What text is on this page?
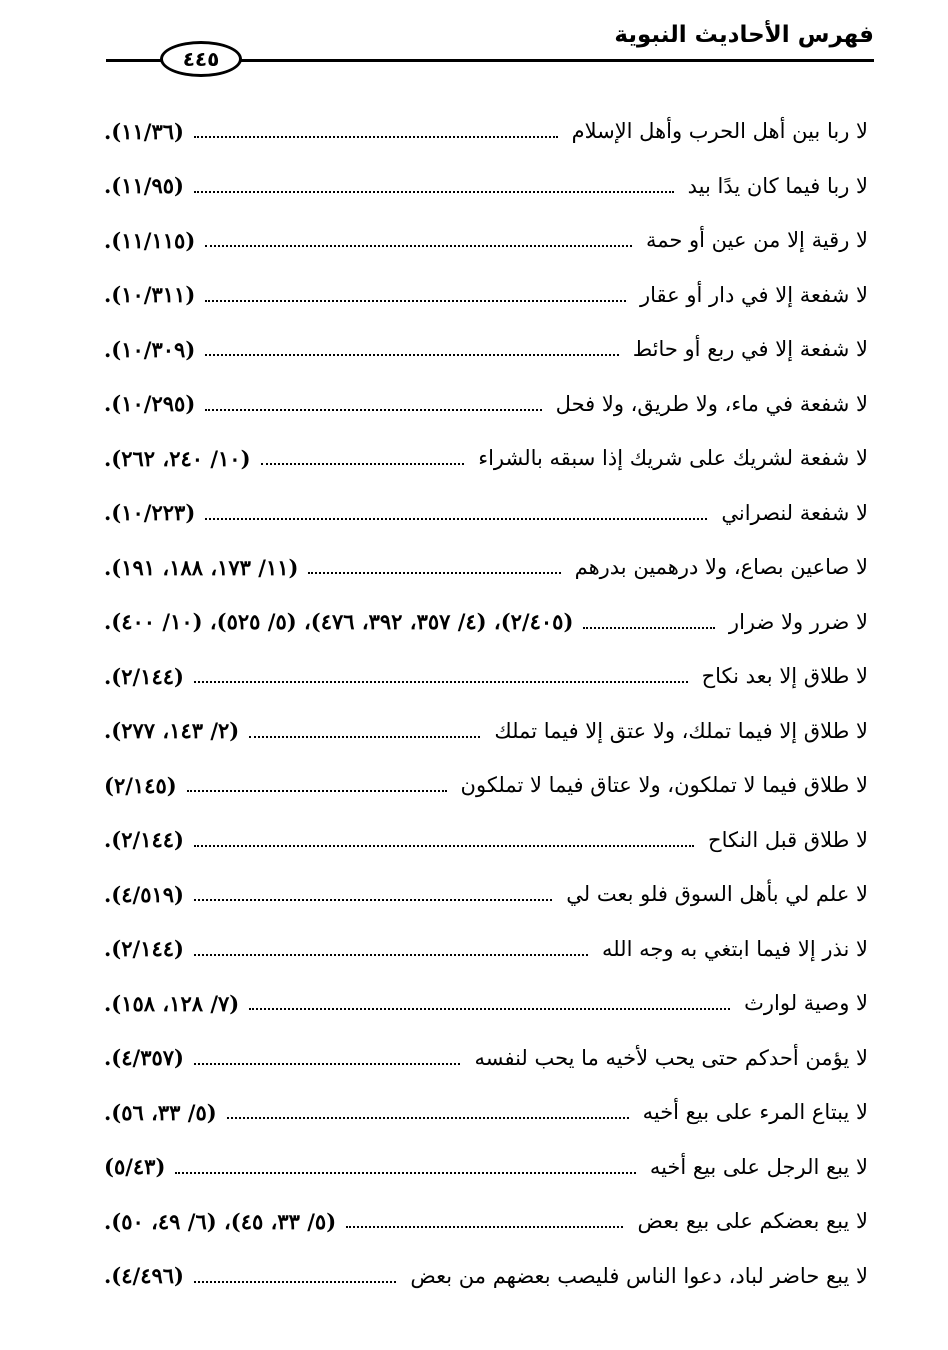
فهرس الأحاديث النبوية
٤٤٥
لا ربا بين أهل الحرب وأهل الإسلام
(١١/٣٦).
لا ربا فيما كان يدًا بيد
(١١/٩٥).
لا رقية إلا من عين أو حمة
(١١/١١٥).
لا شفعة إلا في دار أو عقار
(١٠/٣١١).
لا شفعة إلا في ربع أو حائط
(١٠/٣٠٩).
لا شفعة في ماء، ولا طريق، ولا فحل
(١٠/٢٩٥).
لا شفعة لشريك على شريك إذا سبقه بالشراء
(١٠/ ٢٤٠، ٢٦٢).
لا شفعة لنصراني
(١٠/٢٢٣).
لا صاعين بصاع، ولا درهمين بدرهم
(١١/ ١٧٣، ١٨٨، ١٩١).
لا ضرر ولا ضرار
(٢/٤٠٥)، (٤/ ٣٥٧، ٣٩٢، ٤٧٦)، (٥/ ٥٢٥)، (١٠/ ٤٠٠).
لا طلاق إلا بعد نكاح
(٢/١٤٤).
لا طلاق إلا فيما تملك، ولا عتق إلا فيما تملك
(٢/ ١٤٣، ٢٧٧).
لا طلاق فيما لا تملكون، ولا عتاق فيما لا تملكون
(٢/١٤٥)
لا طلاق قبل النكاح
(٢/١٤٤).
لا علم لي بأهل السوق فلو بعت لي
(٤/٥١٩).
لا نذر إلا فيما ابتغي به وجه الله
(٢/١٤٤).
لا وصية لوارث
(٧/ ١٢٨، ١٥٨).
لا يؤمن أحدكم حتى يحب لأخيه ما يحب لنفسه
(٤/٣٥٧).
لا يبتاع المرء على بيع أخيه
(٥/ ٣٣، ٥٦).
لا يبع الرجل على بيع أخيه
(٥/٤٣)
لا يبع بعضكم على بيع بعض
(٥/ ٣٣، ٤٥)، (٦/ ٤٩، ٥٠).
لا يبع حاضر لباد، دعوا الناس فليصب بعضهم من بعض
(٤/٤٩٦).
